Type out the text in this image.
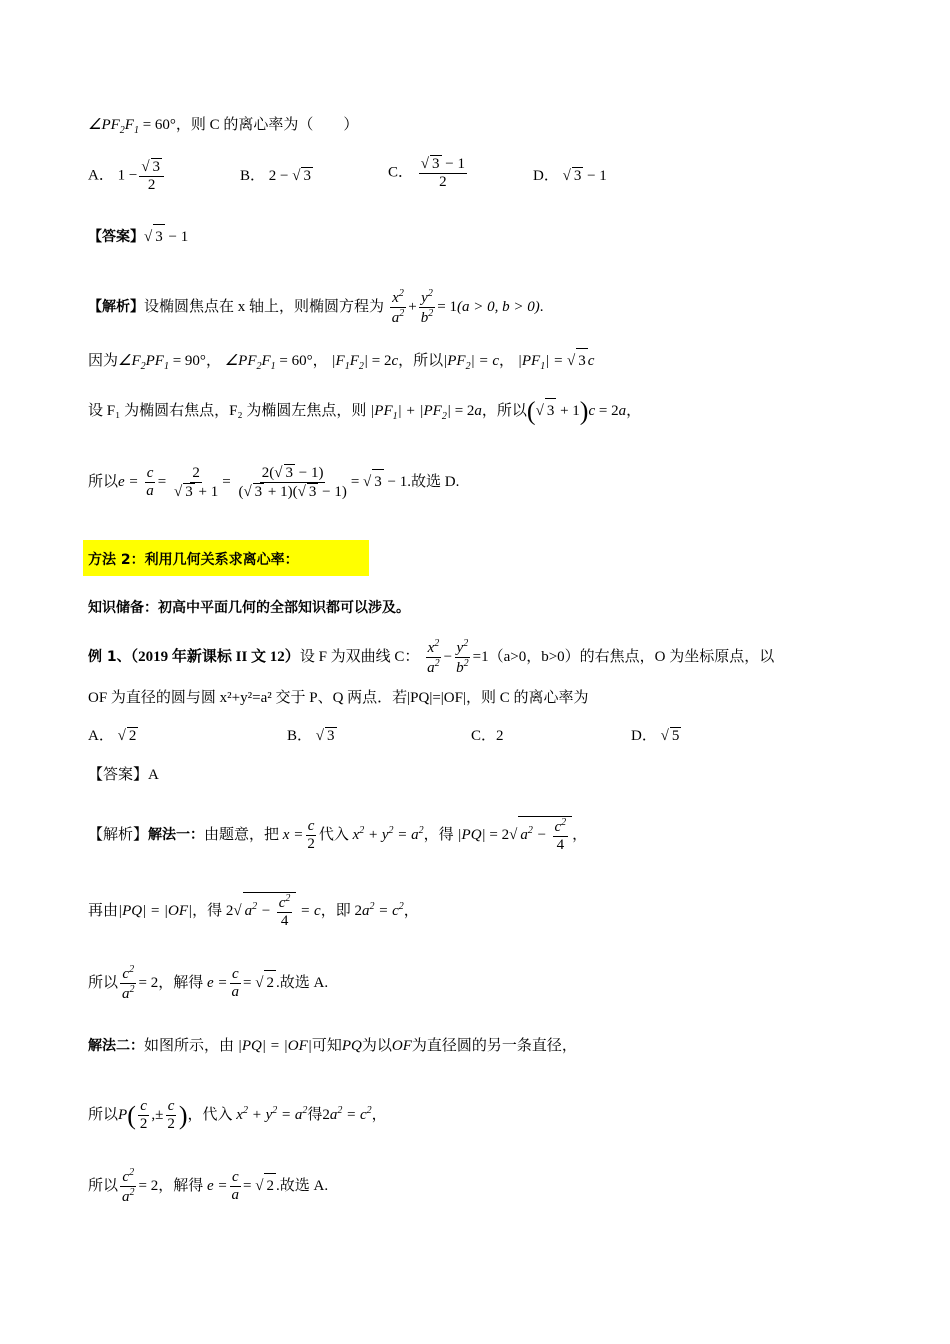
$\angle PF_2F_1 = 60^\circ$，则 C 的离心率为（　　）
A． $1 - \frac{√ 3}{2}$	B． 2 − √ 3	C． $\frac{√ 3 - 1}{2}$	D． √ 3 − 1
【答案】√ 3 − 1
【解析】设椭圆焦点在 x 轴上，则椭圆方程为 $\frac{x^2}{a^2} + \frac{y^2}{b^2} = 1(a > 0$, b > 0).
因为$\angle F_2PF_1 = 90^\circ$， $\angle PF_2F_1 = 60^\circ$， $|F_1F_2| = 2c$，所以$|PF_2| = c$， $|PF_1|$ = √ 3 c
设 F₁ 为椭圆右焦点，F₂ 为椭圆左焦点，则 $|PF_1| + |PF_2| = 2a$，所以(√ 3 + 1)c = 2a，
所以$e = \frac{c}{a} = \frac{2}{√ 3 + 1} = \frac{2(√ 3 - 1)}{(√ 3 + 1)(√ 3 - 1)}$ = √ 3 − 1.故选 D.
方法 2：利用几何关系求离心率：
知识储备：初高中平面几何的全部知识都可以涉及。
例 1、（2019 年新课标 II 文 12）设 F 为双曲线 C： $\frac{x^2}{a^2} - \frac{y^2}{b^2} =1(a>0$，b>0）的右焦点，O 为坐标原点，以
OF 为直径的圆与圆 x²+y²=a² 交于 P、Q 两点．若|PQ|=|OF|，则 C 的离心率为
A． √ 2	B． √ 3	C．2	D． √ 5
【答案】A
【解析】解法一：由题意，把 $x = \frac{c}{2}$ 代入 $x^2 + y^2 = a^2$，得 |PQ| = 2√ $a^2 - \frac{c^2}{4}$ ，
再由|PQ| = |OF|，得 2√ $a^2 - \frac{c^2}{4} = c$，即 $2a^2 = c^2$，
所以 $\frac{c^2}{a^2} = 2$，解得 $e = \frac{c}{a}$ = √ 2 .故选 A.
解法二：如图所示，由 |PQ| = |OF|可知PQ为以OF为直径圆的另一条直径，
所以$P( \frac{c}{2}$ ,± $\frac{c}{2}$ )，代入 $x^2 + y^2 = a^2$得$2a^2 = c^2$，
所以 $\frac{c^2}{a^2} = 2$，解得 $e = \frac{c}{a}$ = √ 2 .故选 A.
